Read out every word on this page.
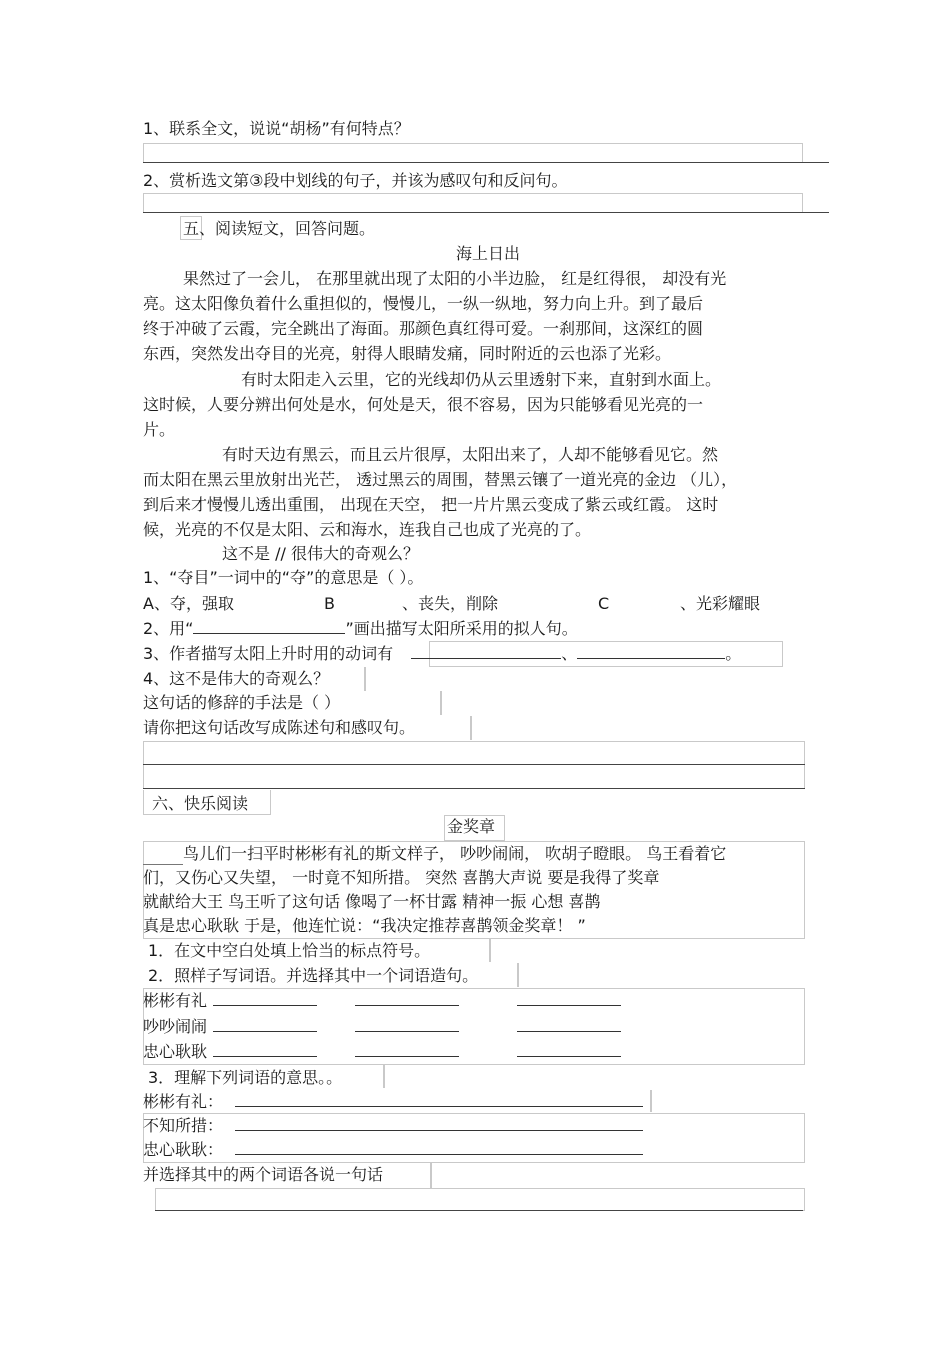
1、联系全文，说说“胡杨”有何特点？
2、赏析选文第③段中划线的句子，并该为感叹句和反问句。
五、阅读短文，回答问题。
海上日出
果然过了一会儿， 在那里就出现了太阳的小半边脸， 红是红得很， 却没有光
亮。这太阳像负着什么重担似的，慢慢儿，一纵一纵地，努力向上升。到了最后
终于冲破了云霞，完全跳出了海面。那颜色真红得可爱。一刹那间，这深红的圆
东西，突然发出夺目的光亮，射得人眼睛发痛，同时附近的云也添了光彩。
有时太阳走入云里，它的光线却仍从云里透射下来，直射到水面上。
这时候，人要分辨出何处是水，何处是天，很不容易，因为只能够看见光亮的一
片。
有时天边有黑云，而且云片很厚，太阳出来了，人却不能够看见它。然
而太阳在黑云里放射出光芒， 透过黑云的周围，替黑云镶了一道光亮的金边 （儿），
到后来才慢慢儿透出重围， 出现在天空， 把一片片黑云变成了紫云或红霞。 这时
候，光亮的不仅是太阳、云和海水，连我自己也成了光亮的了。
这不是 // 很伟大的奇观么？
1、“夺目”一词中的“夺”的意思是（ ）。
A、夺，强取	B	、丧失，削除	C	、光彩耀眼
2、用“	”画出描写太阳所采用的拟人句。
3、作者描写太阳上升时用的动词有	、	。
4、这不是伟大的奇观么？
这句话的修辞的手法是（ ）
请你把这句话改写成陈述句和感叹句。
六、快乐阅读
金奖章
鸟儿们一扫平时彬彬有礼的斯文样子， 吵吵闹闹， 吹胡子瞪眼。 鸟王看着它
们，又伤心又失望， 一时竟不知所措。 突然 喜鹊大声说 要是我得了奖章
就献给大王 鸟王听了这句话 像喝了一杯甘露 精神一振 心想 喜鹊
真是忠心耿耿 于是，他连忙说：“我决定推荐喜鹊领金奖章！ ”
1．在文中空白处填上恰当的标点符号。
2．照样子写词语。并选择其中一个词语造句。
彬彬有礼
吵吵闹闹
忠心耿耿
3．理解下列词语的意思。。
彬彬有礼：
不知所措：
忠心耿耿：
并选择其中的两个词语各说一句话
